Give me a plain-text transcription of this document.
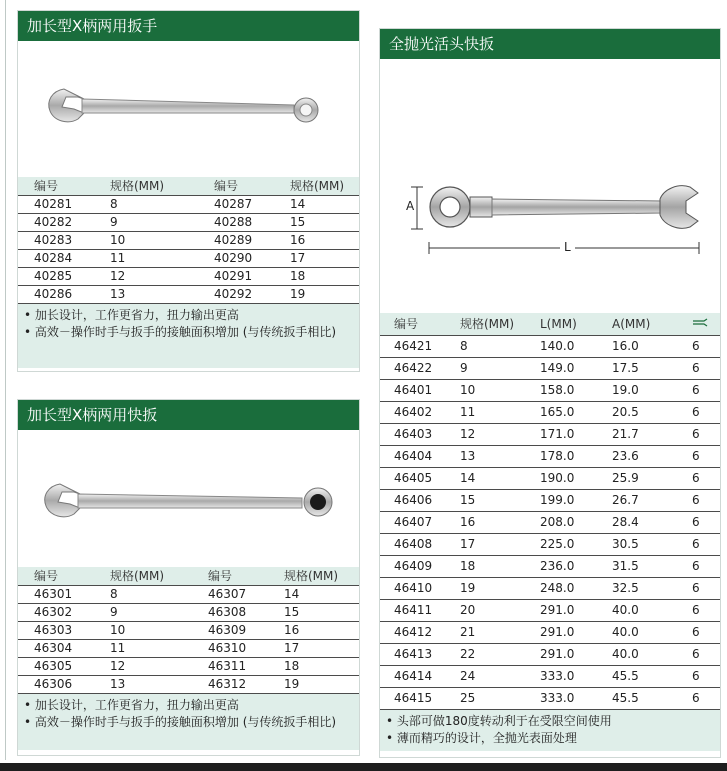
加长型X柄两用扳手
编号	规格(MM)	编号	规格(MM)
40281	8	40287	14
40282	9	40288	15
40283	10	40289	16
40284	11	40290	17
40285	12	40291	18
40286	13	40292	19
• 加长设计，工作更省力，扭力输出更高
• 高效－操作时手与扳手的接触面积增加 (与传统扳手相比)
加长型X柄两用快扳
编号	规格(MM)	编号	规格(MM)
46301	8	46307	14
46302	9	46308	15
46303	10	46309	16
46304	11	46310	17
46305	12	46311	18
46306	13	46312	19
• 加长设计，工作更省力，扭力输出更高
• 高效－操作时手与扳手的接触面积增加 (与传统扳手相比)
全抛光活头快扳
A
L
编号	规格(MM)	L(MM)	A(MM)	
46421	8	140.0	16.0	6
46422	9	149.0	17.5	6
46401	10	158.0	19.0	6
46402	11	165.0	20.5	6
46403	12	171.0	21.7	6
46404	13	178.0	23.6	6
46405	14	190.0	25.9	6
46406	15	199.0	26.7	6
46407	16	208.0	28.4	6
46408	17	225.0	30.5	6
46409	18	236.0	31.5	6
46410	19	248.0	32.5	6
46411	20	291.0	40.0	6
46412	21	291.0	40.0	6
46413	22	291.0	40.0	6
46414	24	333.0	45.5	6
46415	25	333.0	45.5	6
• 头部可做180度转动利于在受限空间使用
• 薄而精巧的设计，全抛光表面处理
